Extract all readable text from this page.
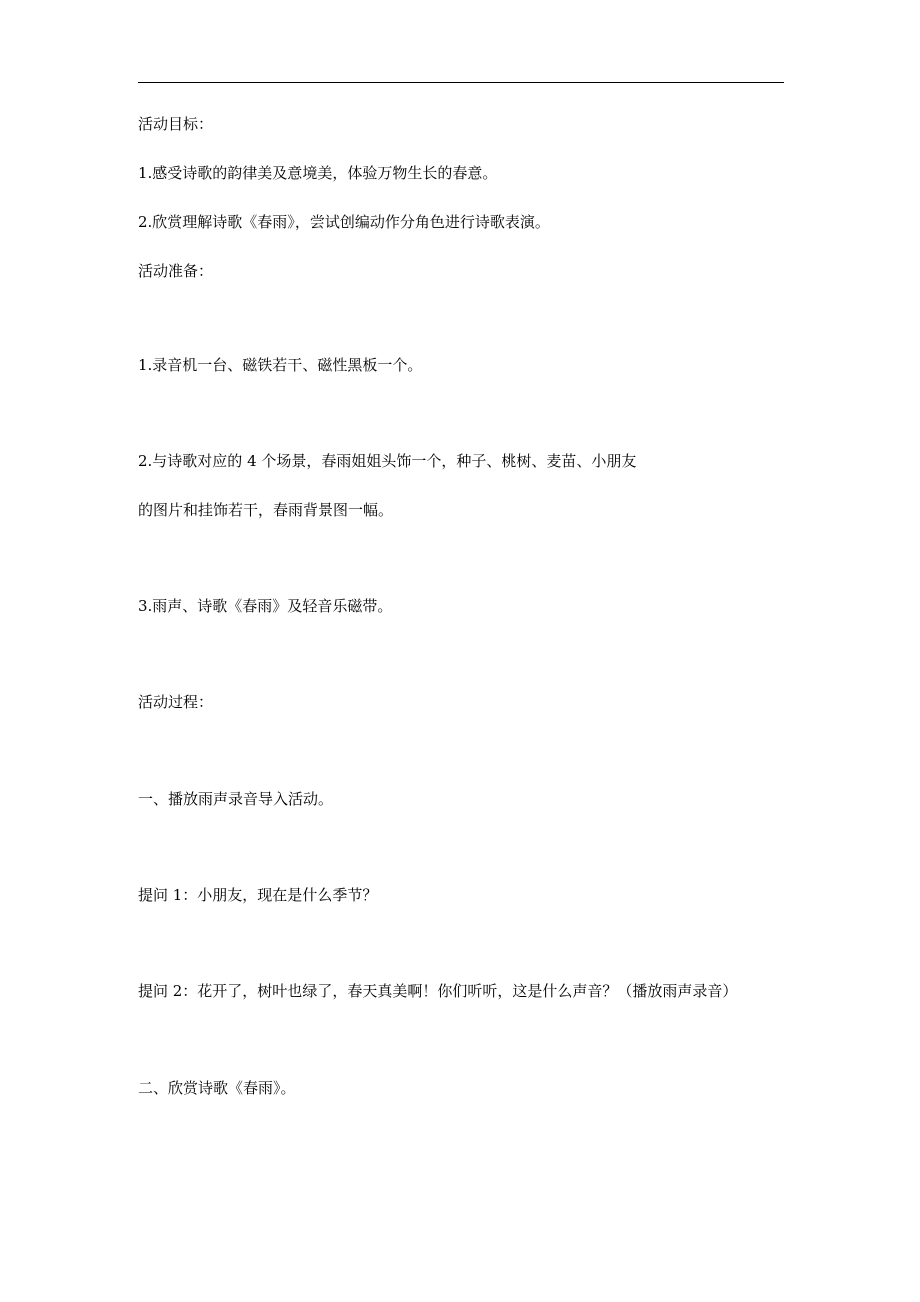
活动目标：
1.感受诗歌的韵律美及意境美，体验万物生长的春意。
2.欣赏理解诗歌《春雨》，尝试创编动作分角色进行诗歌表演。
活动准备：
1.录音机一台、磁铁若干、磁性黑板一个。
2.与诗歌对应的 4 个场景，春雨姐姐头饰一个，种子、桃树、麦苗、小朋友
的图片和挂饰若干，春雨背景图一幅。
3.雨声、诗歌《春雨》及轻音乐磁带。
活动过程：
一、播放雨声录音导入活动。
提问 1：小朋友，现在是什么季节？
提问 2：花开了，树叶也绿了，春天真美啊！你们听听，这是什么声音？（播放雨声录音）
二、欣赏诗歌《春雨》。
